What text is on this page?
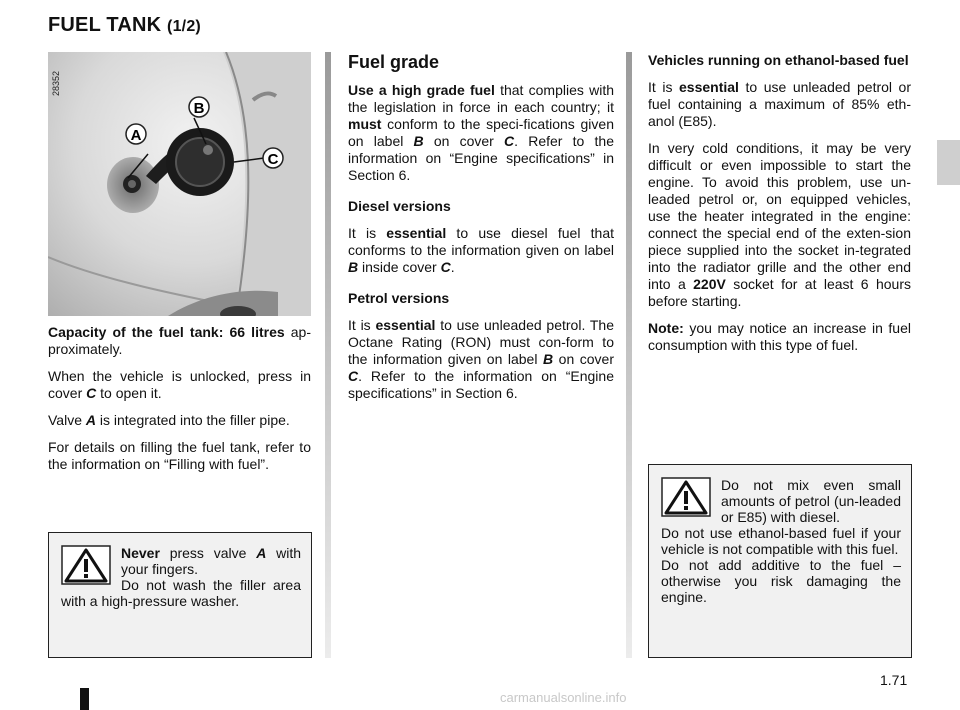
FUEL TANK (1/2)
A
B
C
28352

Capacity of the fuel tank: 66 litres ap-proximately.

When the vehicle is unlocked, press in cover C to open it.

Valve A is integrated into the filler pipe.

For details on filling the fuel tank, refer to the information on “Filling with fuel”.

Never press valve A with your fingers.
Do not wash the filler area with a high-pressure washer.
Fuel grade

Use a high grade fuel that complies with the legislation in force in each country; it must conform to the speci-fications given on label B on cover C. Refer to the information on “Engine specifications” in Section 6.

Diesel versions

It is essential to use diesel fuel that conforms to the information given on label B inside cover C.

Petrol versions

It is essential to use unleaded petrol. The Octane Rating (RON) must con-form to the information given on label B on cover C. Refer to the information on “Engine specifications” in Section 6.

Vehicles running on ethanol-based fuel

It is essential to use unleaded petrol or fuel containing a maximum of 85% eth-anol (E85).

In very cold conditions, it may be very difficult or even impossible to start the engine. To avoid this problem, use un-leaded petrol or, on equipped vehicles, use the heater integrated in the engine: connect the special end of the exten-sion piece supplied into the socket in-tegrated into the radiator grille and the other end into a 220V socket for at least 6 hours before starting.

Note: you may notice an increase in fuel consumption with this type of fuel.

Do not mix even small amounts of petrol (un-leaded or E85) with diesel.
Do not use ethanol-based fuel if your vehicle is not compatible with this fuel.
Do not add additive to the fuel – otherwise you risk damaging the engine.
1.71
carmanualsonline.info
